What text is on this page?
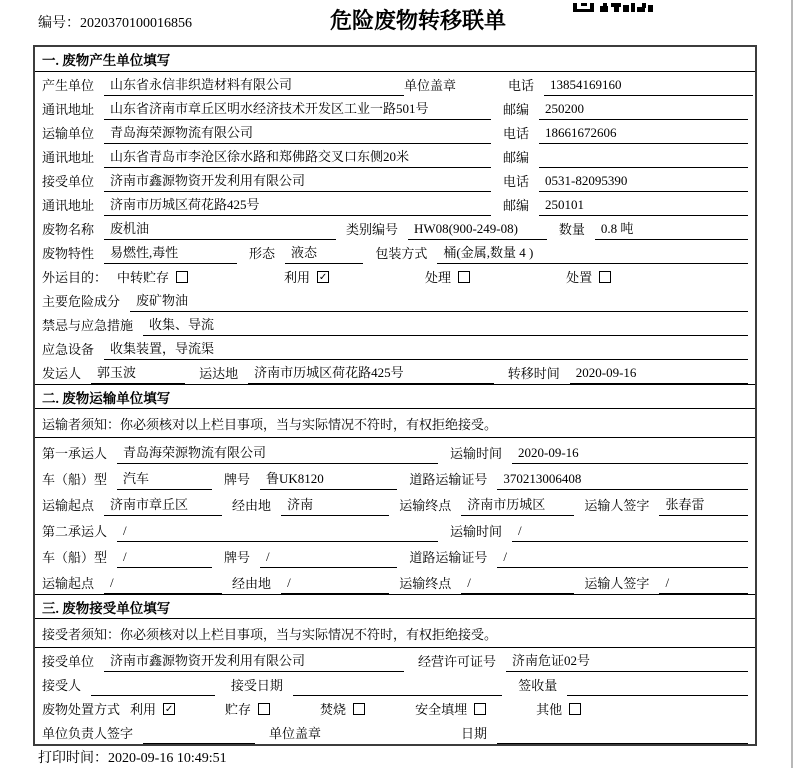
编号：2020370100016856	危险废物转移联单
一. 废物产生单位填写
产生单位	山东省永信非织造材料有限公司	单位盖章	电话	13854169160
通讯地址	山东省济南市章丘区明水经济技术开发区工业一路501号	邮编	250200
运输单位	青岛海荣源物流有限公司	电话	18661672606
通讯地址	山东省青岛市李沧区徐水路和郑佛路交叉口东侧20米	邮编
接受单位	济南市鑫源物资开发利用有限公司	电话	0531-82095390
通讯地址	济南市历城区荷花路425号	邮编	250101
废物名称	废机油	类别编号	HW08(900-249-08)	数量	0.8 吨
废物特性	易燃性,毒性	形态	液态	包装方式	桶(金属,数量 4 )
外运目的： 中转贮存	利用 ✓	处理	处置
主要危险成分	废矿物油
禁忌与应急措施	收集、导流
应急设备	收集装置，导流渠
发运人	郭玉波	运达地	济南市历城区荷花路425号	转移时间	2020-09-16
二. 废物运输单位填写
运输者须知：你必须核对以上栏目事项，当与实际情况不符时，有权拒绝接受。
第一承运人	青岛海荣源物流有限公司	运输时间	2020-09-16
车（船）型	汽车	牌号	鲁UK8120	道路运输证号	370213006408
运输起点	济南市章丘区	经由地	济南	运输终点	济南市历城区	运输人签字	张春雷
第二承运人	/	运输时间	/
车（船）型	/	牌号	/	道路运输证号	/
运输起点	/	经由地	/	运输终点	/	运输人签字	/
三. 废物接受单位填写
接受者须知：你必须核对以上栏目事项，当与实际情况不符时，有权拒绝接受。
接受单位	济南市鑫源物资开发利用有限公司	经营许可证号	济南危证02号
接受人	接受日期	签收量
废物处置方式 利用 ✓	贮存	焚烧	安全填埋	其他
单位负责人签字	单位盖章	日期
打印时间：2020-09-16 10:49:51
